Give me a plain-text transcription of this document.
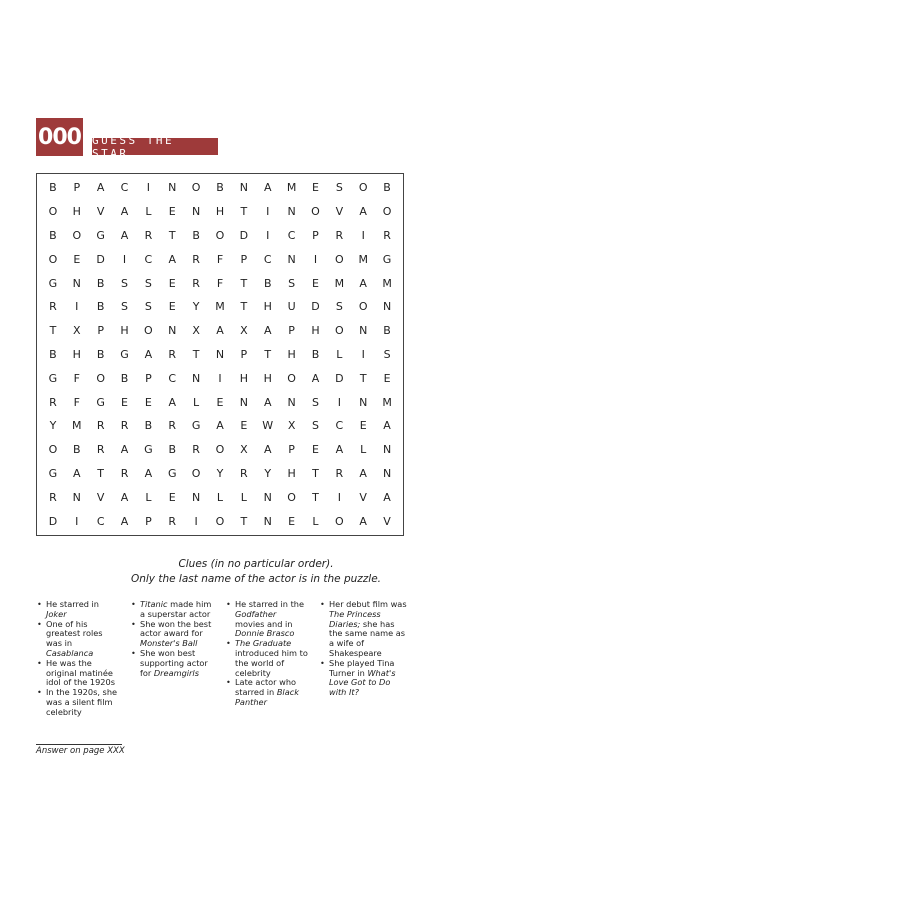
000 GUESS THE STAR
B	P	A	C	I	N	O	B	N	A	M	E	S	O	B
O	H	V	A	L	E	N	H	T	I	N	O	V	A	O
B	O	G	A	R	T	B	O	D	I	C	P	R	I	R
O	E	D	I	C	A	R	F	P	C	N	I	O	M	G
G	N	B	S	S	E	R	F	T	B	S	E	M	A	M
R	I	B	S	S	E	Y	M	T	H	U	D	S	O	N
T	X	P	H	O	N	X	A	X	A	P	H	O	N	B
B	H	B	G	A	R	T	N	P	T	H	B	L	I	S
G	F	O	B	P	C	N	I	H	H	O	A	D	T	E
R	F	G	E	E	A	L	E	N	A	N	S	I	N	M
Y	M	R	R	B	R	G	A	E	W	X	S	C	E	A
O	B	R	A	G	B	R	O	X	A	P	E	A	L	N
G	A	T	R	A	G	O	Y	R	Y	H	T	R	A	N
R	N	V	A	L	E	N	L	L	N	O	T	I	V	A
D	I	C	A	P	R	I	O	T	N	E	L	O	A	V
Clues (in no particular order).
Only the last name of the actor is in the puzzle.
• He starred in Joker
• One of his greatest roles was in Casablanca
• He was the original matinée idol of the 1920s
• In the 1920s, she was a silent film celebrity
• Titanic made him a superstar actor
• She won the best actor award for Monster's Ball
• She won best supporting actor for Dreamgirls
• He starred in the Godfather movies and in Donnie Brasco
• The Graduate introduced him to the world of celebrity
• Late actor who starred in Black Panther
• Her debut film was The Princess Diaries; she has the same name as a wife of Shakespeare
• She played Tina Turner in What's Love Got to Do with It?
Answer on page XXX
